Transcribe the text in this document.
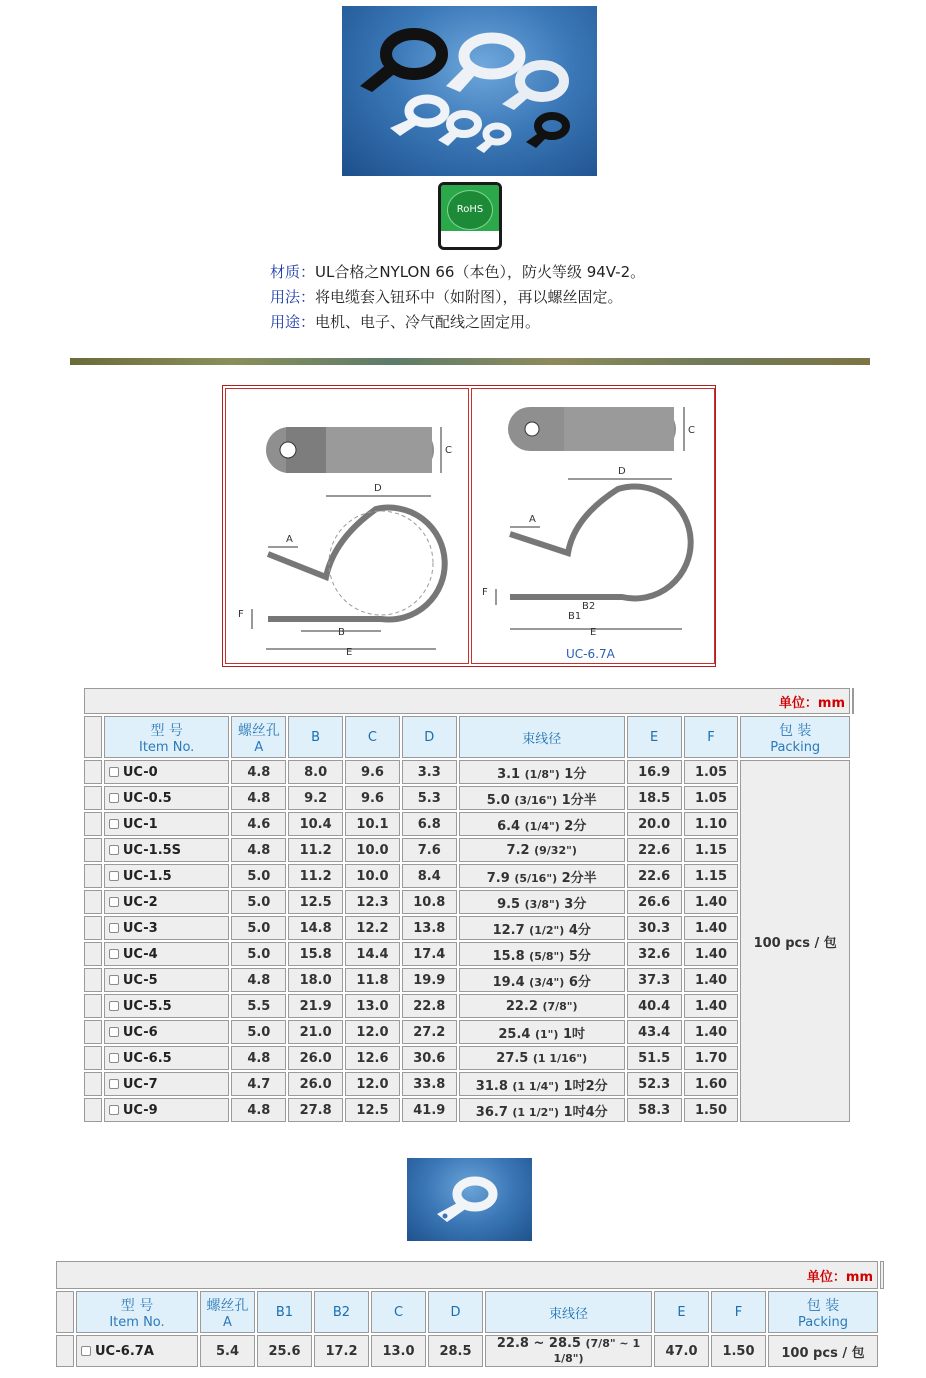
RoHS
材质：UL合格之NYLON 66（本色），防火等级 94V-2。
用法：将电缆套入钮环中（如附图），再以螺丝固定。
用途：电机、电子、冷气配线之固定用。
C
D
A
F
B
E
C
D
A
F
B2
B1
E
UC-6.7A
单位：mm										

	型 号
Item No.	螺丝孔
A	B	C	D	束线径	E	F	包 装
Packing	

	UC-0	4.8	8.0	9.6	3.3	3.1 (1/8") 1分	16.9	1.05	100 pcs / 包	
	UC-0.5	4.8	9.2	9.6	5.3	5.0 (3/16") 1分半	18.5	1.05		
	UC-1	4.6	10.4	10.1	6.8	6.4 (1/4") 2分	20.0	1.10		
	UC-1.5S	4.8	11.2	10.0	7.6	7.2 (9/32")	22.6	1.15		
	UC-1.5	5.0	11.2	10.0	8.4	7.9 (5/16") 2分半	22.6	1.15		
	UC-2	5.0	12.5	12.3	10.8	9.5 (3/8") 3分	26.6	1.40		
	UC-3	5.0	14.8	12.2	13.8	12.7 (1/2") 4分	30.3	1.40		
	UC-4	5.0	15.8	14.4	17.4	15.8 (5/8") 5分	32.6	1.40		
	UC-5	4.8	18.0	11.8	19.9	19.4 (3/4") 6分	37.3	1.40		
	UC-5.5	5.5	21.9	13.0	22.8	22.2 (7/8")	40.4	1.40		
	UC-6	5.0	21.0	12.0	27.2	25.4 (1") 1吋	43.4	1.40		
	UC-6.5	4.8	26.0	12.6	30.6	27.5 (1 1/16")	51.5	1.70		
	UC-7	4.7	26.0	12.0	33.8	31.8 (1 1/4") 1吋2分	52.3	1.60		
	UC-9	4.8	27.8	12.5	41.9	36.7 (1 1/2") 1吋4分	58.3	1.50		
单位：mm											

	型 号
Item No.	螺丝孔
A	B1	B2	C	D	束线径	E	F	包 装
Packing	

	UC-6.7A	5.4	25.6	17.2	13.0	28.5	22.8 ~ 28.5 (7/8" ~ 1 1/8")	47.0	1.50	100 pcs / 包	
